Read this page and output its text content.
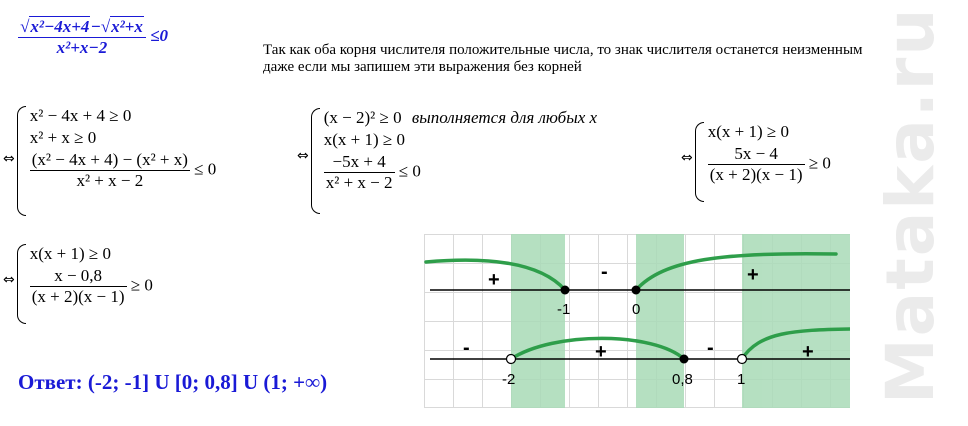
$\frac{\text{√x²−4x+4−√x²+x}}{\text{x²+x−2}} \le 0$
Так как оба корня числителя положительные числа, то знак числителя останется неизменным
даже если мы запишем эти выражения без корней
⇔
x² − 4x + 4 ≥ 0
x² + x ≥ 0
$\frac{\text{(x² − 4x + 4) − (x² + x)}}{\text{x² + x − 2}} \le 0$
⇔
(x − 2)² ≥ 0 выполняется для любых x
x(x + 1) ≥ 0
$\frac{-5x + 4}{\text{x² + x − 2}} \le 0$
⇔
x(x + 1) ≥ 0
$\frac{5x - 4}{(x + 2)(x - 1)} \ge 0$
⇔
x(x + 1) ≥ 0
$\frac{x - 0,8}{(x + 2)(x - 1)} \ge 0$
Ответ: (-2; -1] U [0; 0,8] U (1; +∞)
-1	0
-2	0,8	1
+	-	+
-	+	-	+ Mataka.ru
